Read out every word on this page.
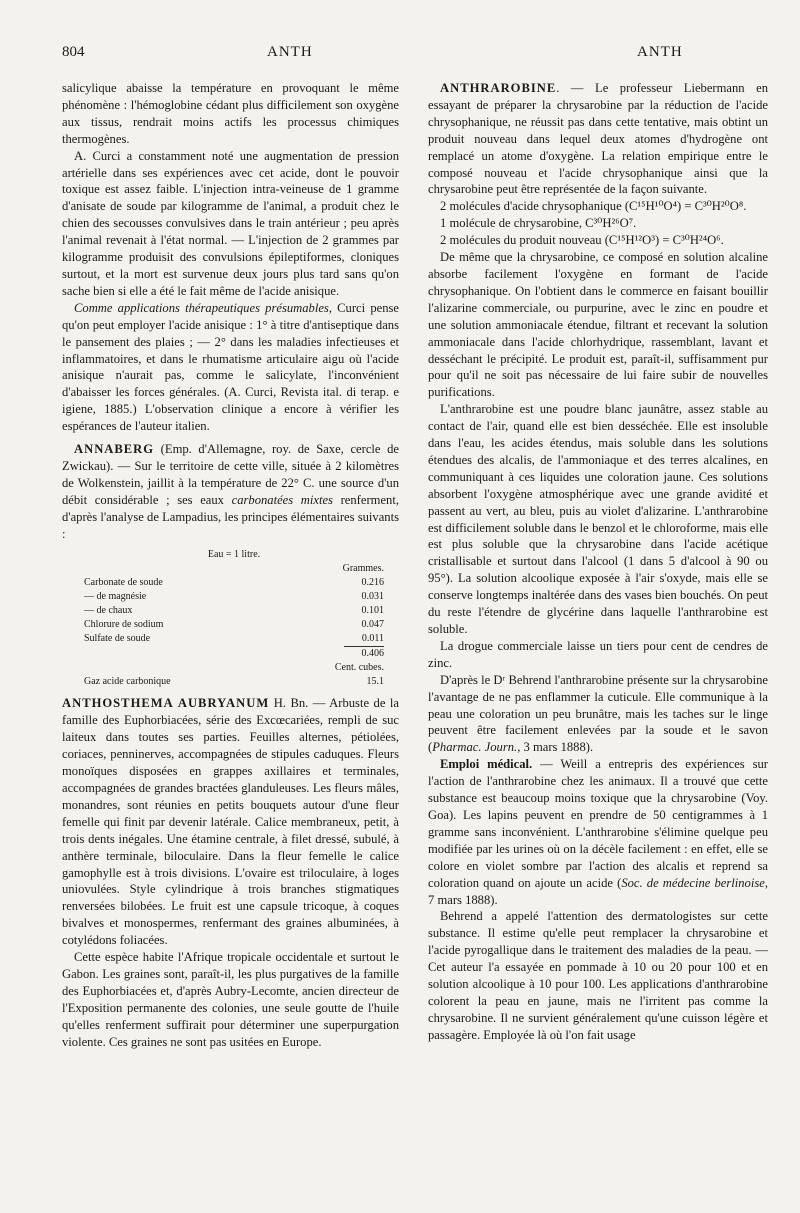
804	ANTH	ANTH

salicylique abaisse la température en provoquant le même phénomène : l'hémoglobine cédant plus difficilement son oxygène aux tissus, rendrait moins actifs les processus chimiques thermogènes.

A. Curci a constamment noté une augmentation de pression artérielle dans ses expériences avec cet acide, dont le pouvoir toxique est assez faible. L'injection intra-veineuse de 1 gramme d'anisate de soude par kilogramme de l'animal, a produit chez le chien des secousses convulsives dans le train antérieur ; peu après l'animal revenait à l'état normal. — L'injection de 2 grammes par kilogramme produisit des convulsions épileptiformes, cloniques surtout, et la mort est survenue deux jours plus tard sans qu'on sache bien si elle a été le fait même de l'acide anisique.

Comme applications thérapeutiques présumables, Curci pense qu'on peut employer l'acide anisique : 1° à titre d'antiseptique dans le pansement des plaies ; — 2° dans les maladies infectieuses et inflammatoires, et dans le rhumatisme articulaire aigu où l'acide anisique n'aurait pas, comme le salicylate, l'inconvénient d'abaisser les forces générales. (A. Curci, Revista ital. di terap. e igiene, 1885.) L'observation clinique a encore à vérifier les espérances de l'auteur italien.

ANNABERG (Emp. d'Allemagne, roy. de Saxe, cercle de Zwickau). — Sur le territoire de cette ville, située à 2 kilomètres de Wolkenstein, jaillit à la température de 22° C. une source d'un débit considérable ; ses eaux carbonatées mixtes renferment, d'après l'analyse de Lampadius, les principes élémentaires suivants :

Eau = 1 litre.
Grammes.
Carbonate de soude	0.216
— de magnésie	0.031
— de chaux	0.101
Chlorure de sodium	0.047
Sulfate de soude	0.011
0.406
Cent. cubes.
Gaz acide carbonique	15.1

ANTHOSTHEMA AUBRYANUM H. Bn. — Arbuste de la famille des Euphorbiacées, série des Excœcariées, rempli de suc laiteux dans toutes ses parties. Feuilles alternes, pétiolées, coriaces, penninerves, accompagnées de stipules caduques. Fleurs monoïques disposées en grappes axillaires et terminales, accompagnées de grandes bractées glanduleuses. Les fleurs mâles, monandres, sont réunies en petits bouquets autour d'une fleur femelle qui finit par devenir latérale. Calice membraneux, petit, à trois dents inégales. Une étamine centrale, à filet dressé, subulé, à anthère terminale, biloculaire. Dans la fleur femelle le calice gamophylle est à trois divisions. L'ovaire est triloculaire, à loges uniovulées. Style cylindrique à trois branches stigmatiques renversées bilobées. Le fruit est une capsule tricoque, à coques bivalves et monospermes, renfermant des graines albuminées, à cotylédons foliacées.

Cette espèce habite l'Afrique tropicale occidentale et surtout le Gabon. Les graines sont, paraît-il, les plus purgatives de la famille des Euphorbiacées et, d'après Aubry-Lecomte, ancien directeur de l'Exposition permanente des colonies, une seule goutte de l'huile qu'elles renferment suffirait pour déterminer une superpurgation violente. Ces graines ne sont pas usitées en Europe.

ANTHRAROBINE. — Le professeur Liebermann en essayant de préparer la chrysarobine par la réduction de l'acide chrysophanique, ne réussit pas dans cette tentative, mais obtint un produit nouveau dans lequel deux atomes d'hydrogène ont remplacé un atome d'oxygène. La relation empirique entre le composé nouveau et l'acide chrysophanique ainsi que la chrysarobine peut être représentée de la façon suivante.

2 molécules d'acide chrysophanique (C¹⁵H¹⁰O⁴) = C³⁰H²⁰O⁸.

1 molécule de chrysarobine, C³⁰H²⁶O⁷.

2 molécules du produit nouveau (C¹⁵H¹²O³) = C³⁰H²⁴O⁶.

De même que la chrysarobine, ce composé en solution alcaline absorbe facilement l'oxygène en formant de l'acide chrysophanique. On l'obtient dans le commerce en faisant bouillir l'alizarine commerciale, ou purpurine, avec le zinc en poudre et une solution ammoniacale étendue, filtrant et recevant la solution ammoniacale dans l'acide chlorhydrique, rassemblant, lavant et desséchant le précipité. Le produit est, paraît-il, suffisamment pur pour qu'il ne soit pas nécessaire de lui faire subir de nouvelles purifications.

L'anthrarobine est une poudre blanc jaunâtre, assez stable au contact de l'air, quand elle est bien desséchée. Elle est insoluble dans l'eau, les acides étendus, mais soluble dans les solutions étendues des alcalis, de l'ammoniaque et des terres alcalines, en communiquant à ces liquides une coloration jaune. Ces solutions absorbent l'oxygène atmosphérique avec une grande avidité et passent au vert, au bleu, puis au violet d'alizarine. L'anthrarobine est difficilement soluble dans le benzol et le chloroforme, mais elle est plus soluble que la chrysarobine dans l'acide acétique cristallisable et surtout dans l'alcool (1 dans 5 d'alcool à 90 ou 95°). La solution alcoolique exposée à l'air s'oxyde, mais elle se conserve longtemps inaltérée dans des vases bien bouchés. On peut du reste l'étendre de glycérine dans laquelle l'anthrarobine est soluble.

La drogue commerciale laisse un tiers pour cent de cendres de zinc.

D'après le Dʳ Behrend l'anthrarobine présente sur la chrysarobine l'avantage de ne pas enflammer la cuticule. Elle communique à la peau une coloration un peu brunâtre, mais les taches sur le linge peuvent être facilement enlevées par la soude et le savon (Pharmac. Journ., 3 mars 1888).

Emploi médical. — Weill a entrepris des expériences sur l'action de l'anthrarobine chez les animaux. Il a trouvé que cette substance est beaucoup moins toxique que la chrysarobine (Voy. Goa). Les lapins peuvent en prendre de 50 centigrammes à 1 gramme sans inconvénient. L'anthrarobine s'élimine quelque peu modifiée par les urines où on la décèle facilement : en effet, elle se colore en violet sombre par l'action des alcalis et reprend sa coloration quand on ajoute un acide (Soc. de médecine berlinoise, 7 mars 1888).

Behrend a appelé l'attention des dermatologistes sur cette substance. Il estime qu'elle peut remplacer la chrysarobine et l'acide pyrogallique dans le traitement des maladies de la peau. — Cet auteur l'a essayée en pommade à 10 ou 20 pour 100 et en solution alcoolique à 10 pour 100. Les applications d'anthrarobine colorent la peau en jaune, mais ne l'irritent pas comme la chrysarobine. Il ne survient généralement qu'une cuisson légère et passagère. Employée là où l'on fait usage
